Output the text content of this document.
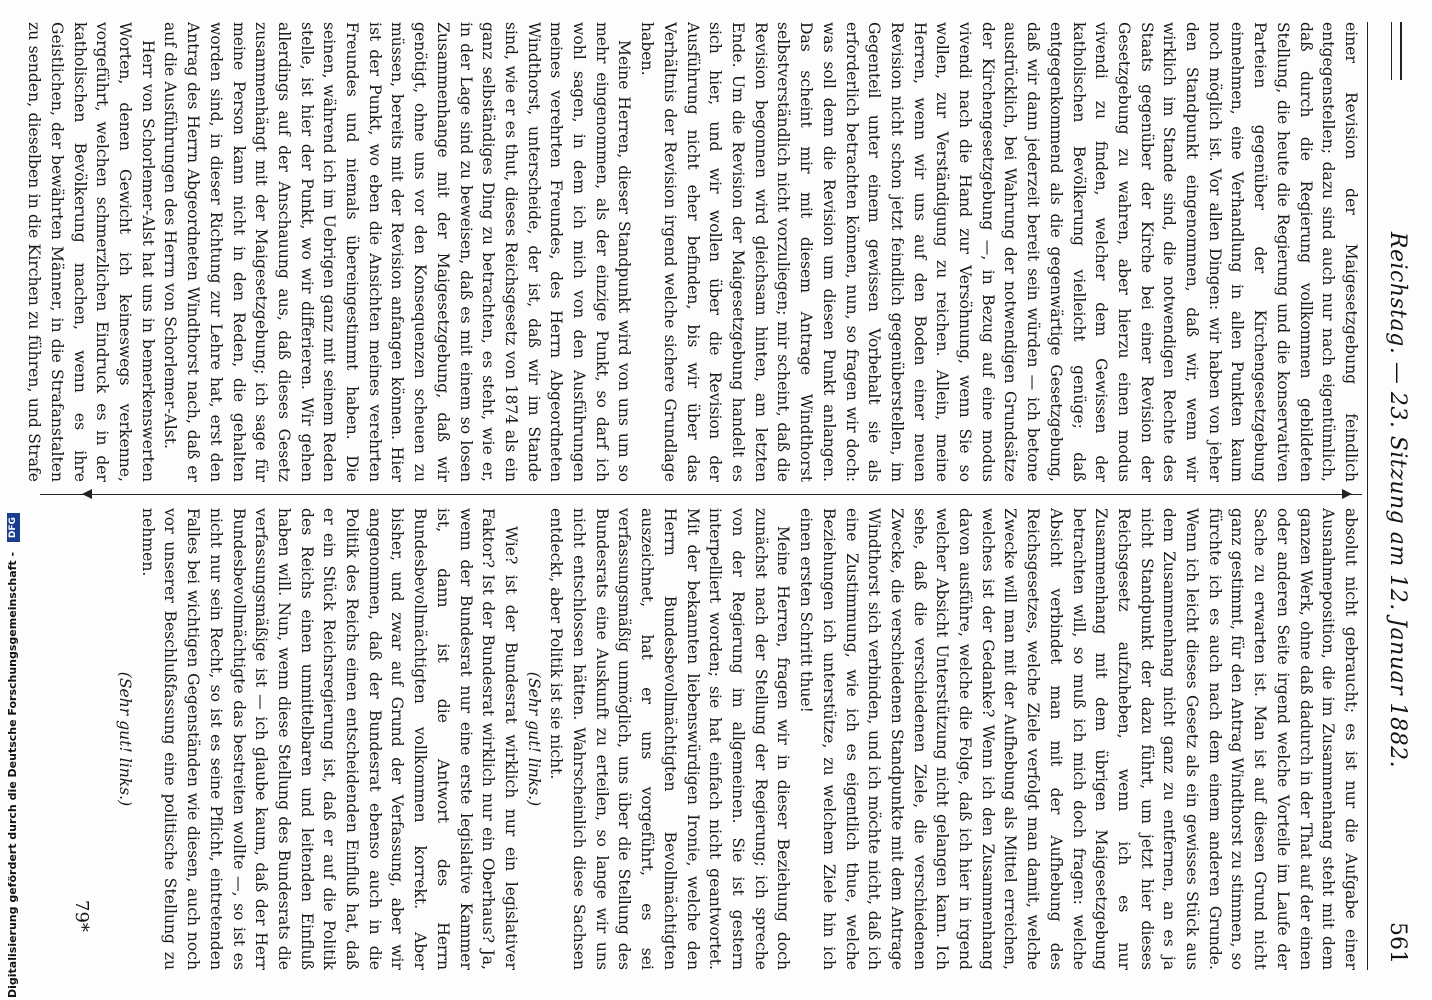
Reichstag. — 23. Sitzung am 12. Januar 1882.
561

einer Revision der Maigesetzgebung feindlich entgegenstellen; dazu sind auch nur nach eigentümlich, daß durch die Regierung vollkommen gebildeten Stellung, die heute die Regierung und die konservativen Parteien gegenüber der Kirchengesetzgebung einnehmen, eine Verhandlung in allen Punkten kaum noch möglich ist. Vor allen Dingen: wir haben von jeher den Standpunkt eingenommen, daß wir, wenn wir wirklich im Stande sind, die notwendigen Rechte des Staats gegenüber der Kirche bei einer Revision der Gesetzgebung zu wahren, aber hierzu einen modus vivendi zu finden, welcher dem Gewissen der katholischen Bevölkerung vielleicht genüge; daß entgegenkommend als die gegenwärtige Gesetzgebung, daß wir dann jederzeit bereit sein würden — ich betone ausdrücklich, bei Wahrung der notwendigen Grundsätze der Kirchengesetzgebung —, in Bezug auf eine modus vivendi nach die Hand zur Versöhnung, wenn Sie so wollen, zur Verständigung zu reichen. Allein, meine Herren, wenn wir uns auf den Boden einer neuen Revision nicht schon jetzt feindlich gegenüberstellen, im Gegenteil unter einem gewissen Vorbehalt sie als erforderlich betrachten können, nun, so fragen wir doch: was soll denn die Revision um diesen Punkt anlangen. Das scheint mir mit diesem Antrage Windthorst selbstverständlich nicht vorzuliegen; mir scheint, daß die Revision begonnen wird gleichsam hinten, am letzten Ende. Um die Revision der Maigesetzgebung handelt es sich hier, und wir wollen über die Revision der Ausführung nicht eher befinden, bis wir über das Verhältnis der Revision irgend welche sichere Grundlage haben.

Meine Herren, dieser Standpunkt wird von uns um so mehr eingenommen, als der einzige Punkt, so darf ich wohl sagen, in dem ich mich von den Ausführungen meines verehrten Freundes, des Herrn Abgeordneten Windthorst, unterscheide, der ist, daß wir im Stande sind, wie er es thut, dieses Reichsgesetz von 1874 als ein ganz selbständiges Ding zu betrachten, es steht, wie er, in der Lage sind zu beweisen, daß es mit einem so losen Zusammenhange mit der Maigesetzgebung, daß wir genötigt, ohne uns vor den Konsequenzen scheuen zu müssen, bereits mit der Revision anfangen können. Hier ist der Punkt, wo eben die Ansichten meines verehrten Freundes und niemals übereingestimmt haben. Die seinen, während ich im Uebrigen ganz mit seinem Reden stelle, ist hier der Punkt, wo wir differieren. Wir gehen allerdings auf der Anschauung aus, daß dieses Gesetz zusammenhängt mit der Maigesetzgebung; ich sage für meine Person kann nicht in den Reden, die gehalten worden sind, in dieser Richtung zur Lehre hat, erst den Antrag des Herrn Abgeordneten Windthorst nach, daß er auf die Ausführungen des Herrn von Schorlemer-Alst.

Herr von Schorlemer-Alst hat uns in bemerkenswerten Worten, denen Gewicht ich keineswegs verkenne, vorgeführt, welchen schmerzlichen Eindruck es in der katholischen Bevölkerung machen, wenn es ihre Geistlichen, der bewährten Männer, in die Strafanstalten zu senden, dieselben in die Kirchen zu führen, und Strafe

absolut nicht gebraucht; es ist nur die Aufgabe einer Ausnahmeposition, die im Zusammenhang steht mit dem ganzen Werk, ohne daß dadurch in der That auf der einen oder anderen Seite irgend welche Vorteile im Laufe der Sache zu erwarten ist. Man ist auf diesen Grund nicht ganz gestimmt, für den Antrag Windthorst zu stimmen, so fürchte ich es auch nach dem einem anderen Grunde. Wenn ich leicht dieses Gesetz als ein gewisses Stück aus dem Zusammenhang nicht ganz zu entfernen, an es ja nicht Standpunkt der dazu führt, um jetzt hier dieses Reichsgesetz aufzuheben, wenn ich es nur Zusammenhang mit dem übrigen Maigesetzgebung betrachten will, so muß ich mich doch fragen: welche Absicht verbindet man mit der Aufhebung des Reichsgesetzes, welche Ziele verfolgt man damit, welche Zwecke will man mit der Aufhebung als Mittel erreichen, welches ist der Gedanke? Wenn ich den Zusammenhang davon ausführe, welche die Folge, daß ich hier in irgend welcher Absicht Unterstützung nicht gelangen kann. Ich sehe, daß die verschiedenen Ziele, die verschiedenen Zwecke, die verschiedenen Standpunkte mit dem Antrage Windthorst sich verbinden, und ich möchte nicht, daß ich eine Zustimmung, wie ich es eigentlich thue, welche Beziehungen ich unterstütze, zu welchem Ziele hin ich einen ersten Schritt thue!

Meine Herren, fragen wir in dieser Beziehung doch zunächst nach der Stellung der Regierung; ich spreche von der Regierung im allgemeinen. Sie ist gestern interpelliert worden; sie hat einfach nicht geantwortet. Mit der bekannten liebenswürdigen Ironie, welche den Herrn Bundesbevollmächtigten Bevollmächtigten auszeichnet, hat er uns vorgeführt, es sei verfassungsmäßig unmöglich, uns über die Stellung des Bundesrats eine Auskunft zu erteilen, so lange wir uns nicht entschlossen hätten. Wahrscheinlich diese Sachsen entdeckt, aber Politik ist sie nicht.

(Sehr gut! links.)

Wie? ist der Bundesrat wirklich nur ein legislativer Faktor? Ist der Bundesrat wirklich nur ein Oberhaus? Ja, wenn der Bundesrat nur eine erste legislative Kammer ist, dann ist die Antwort des Herrn Bundesbevollmächtigten vollkommen korrekt. Aber bisher, und zwar auf Grund der Verfassung, aber wir angenommen, daß der Bundesrat ebenso auch in die Politik des Reichs einen entscheidenden Einfluß hat, daß er ein Stück Reichsregierung ist, daß er auf die Politik des Reichs einen unmittelbaren und leitenden Einfluß haben will. Nun, wenn diese Stellung des Bundesrats die verfassungsmäßige ist — ich glaube kaum, daß der Herr Bundesbevollmächtigte das bestreiten wollte —, so ist es nicht nur sein Recht, so ist es seine Pflicht, eintretenden Falles bei wichtigen Gegenständen wie diesen, auch noch vor unserer Beschlußfassung eine politische Stellung zu nehmen.

(Sehr gut! links.)

79*
Digitalisierung gefördert durch die Deutsche Forschungsgemeinschaft - DFG
